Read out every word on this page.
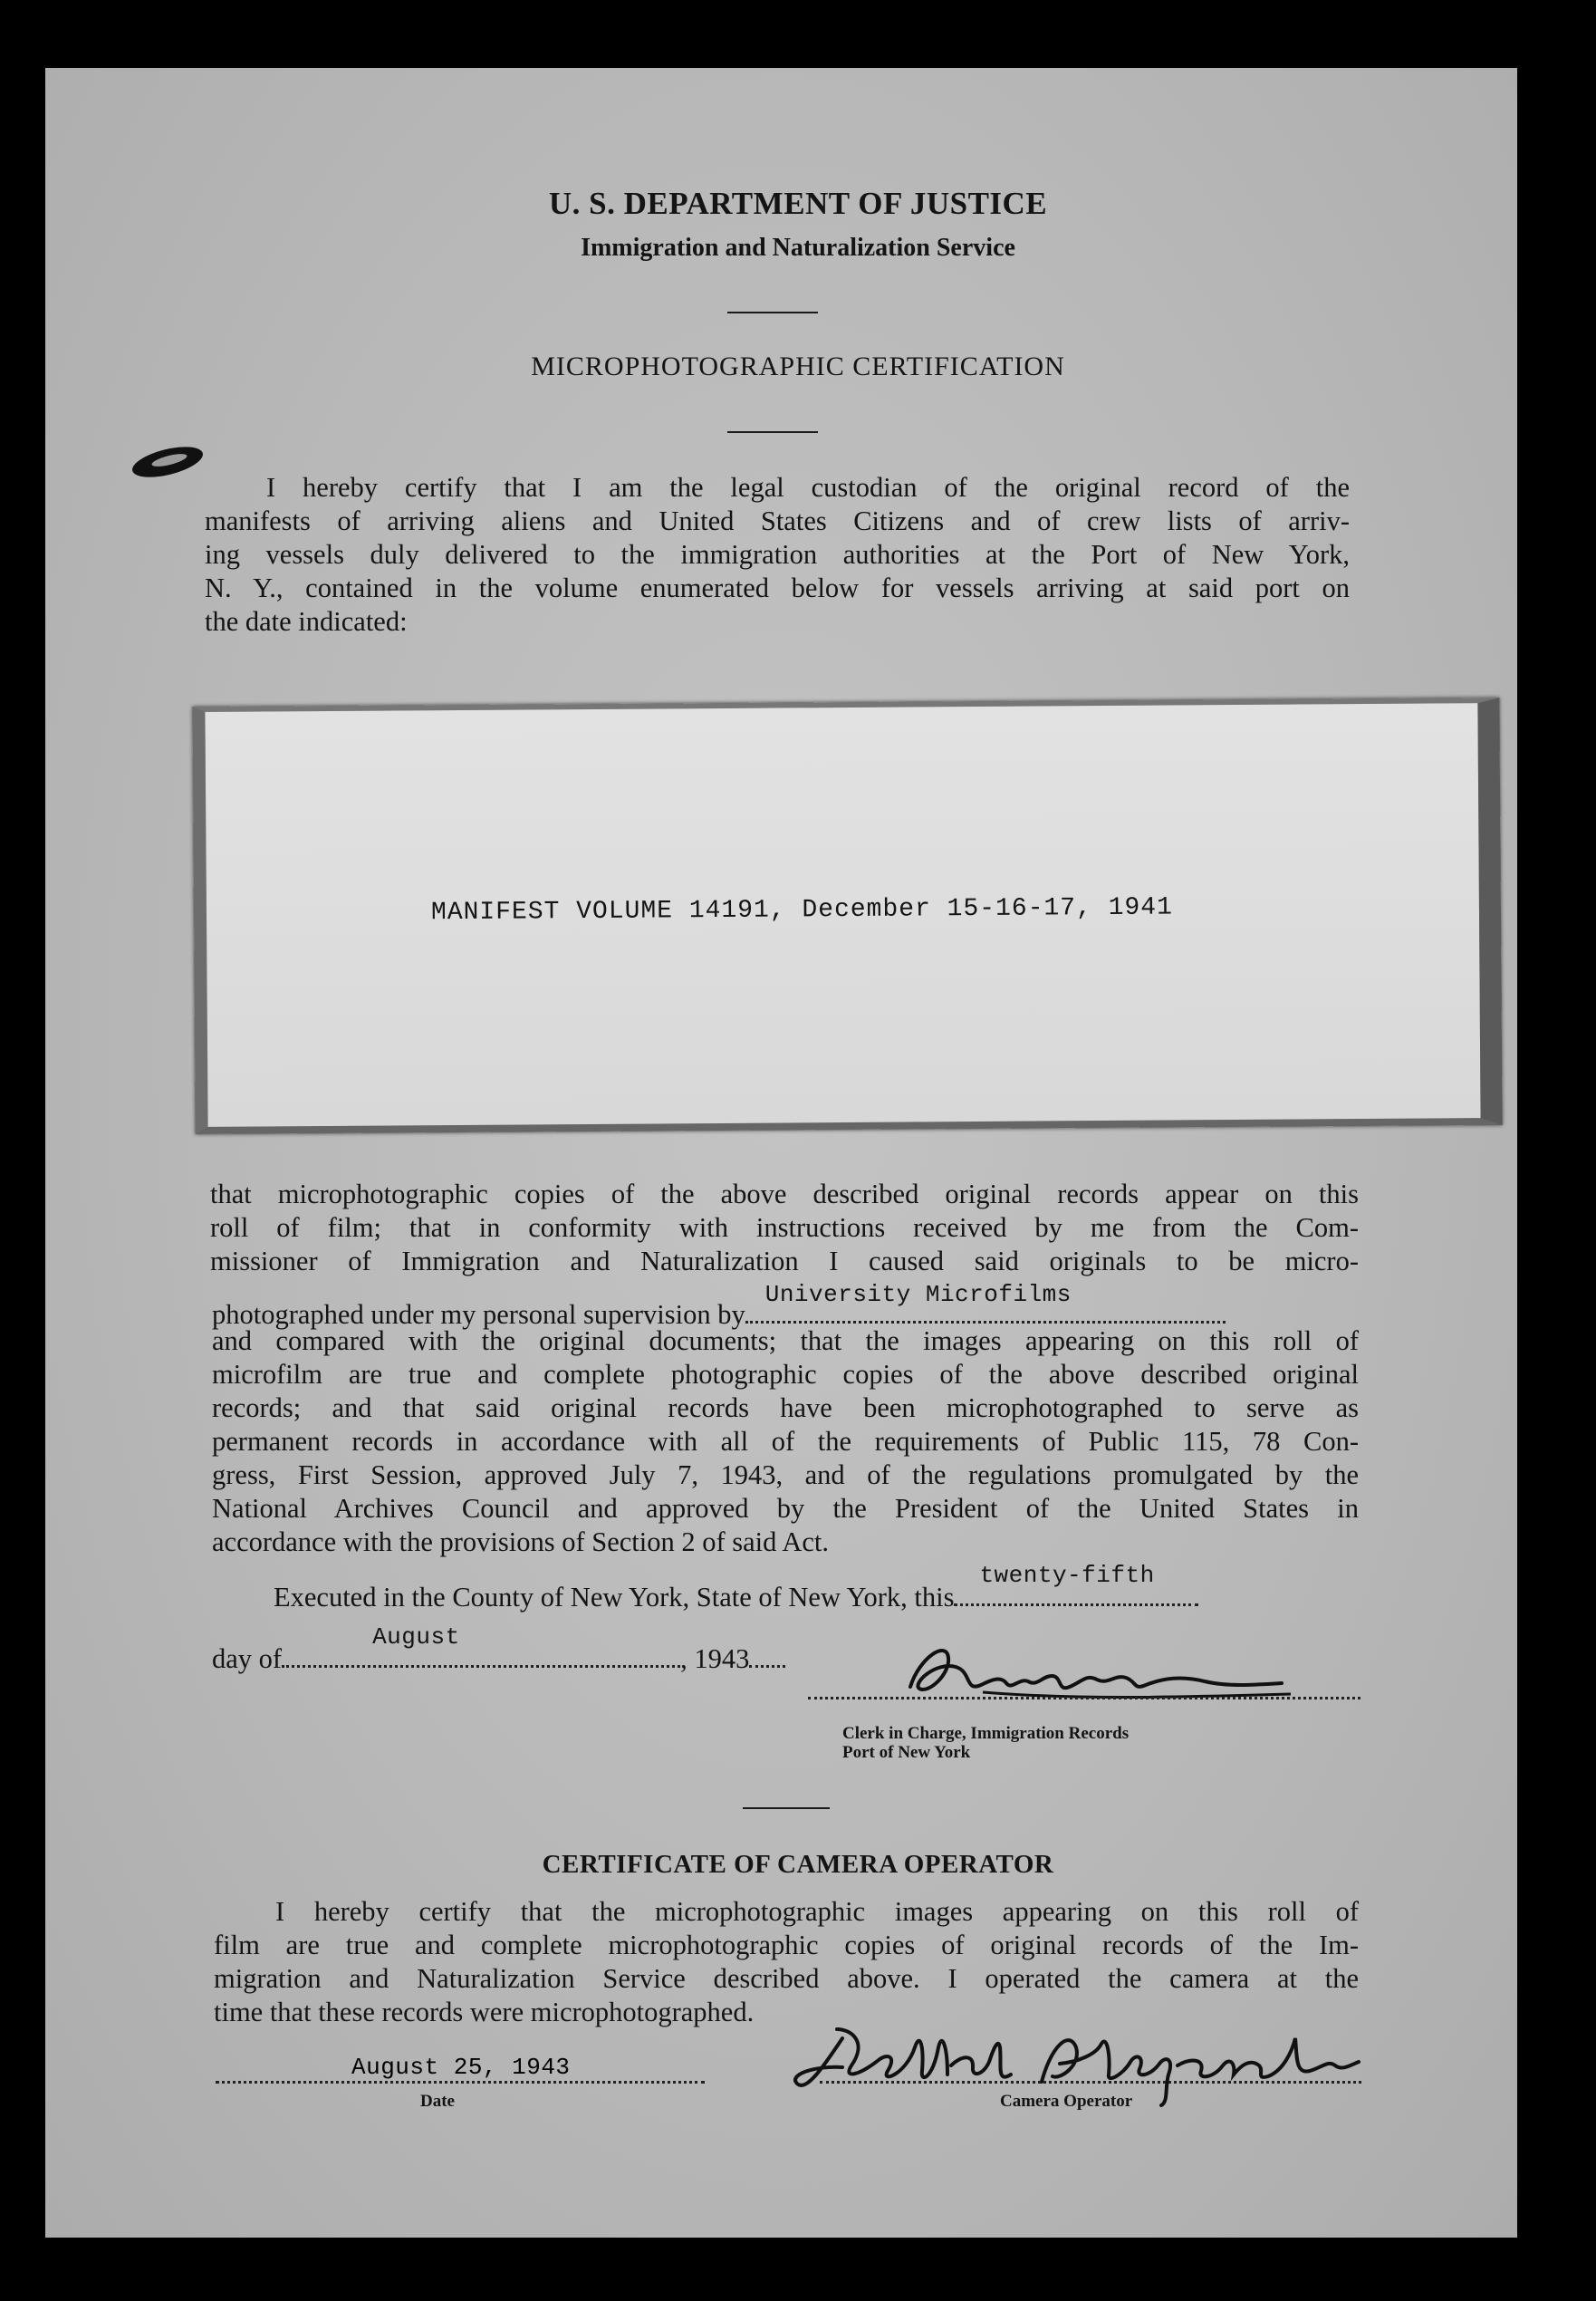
U. S. DEPARTMENT OF JUSTICE
Immigration and Naturalization Service
MICROPHOTOGRAPHIC CERTIFICATION
I hereby certify that I am the legal custodian of the original record of the
manifests of arriving aliens and United States Citizens and of crew lists of arriv-
ing vessels duly delivered to the immigration authorities at the Port of New York,
N. Y., contained in the volume enumerated below for vessels arriving at said port on
the date indicated:
MANIFEST VOLUME 14191, December 15-16-17, 1941
that microphotographic copies of the above described original records appear on this
roll of film; that in conformity with instructions received by me from the Com-
missioner of Immigration and Naturalization I caused said originals to be micro-
photographed under my personal supervision by
University Microfilms
and compared with the original documents; that the images appearing on this roll of
microfilm are true and complete photographic copies of the above described original
records; and that said original records have been microphotographed to serve as
permanent records in accordance with all of the requirements of Public 115, 78 Con-
gress, First Session, approved July 7, 1943, and of the regulations promulgated by the
National Archives Council and approved by the President of the United States in
accordance with the provisions of Section 2 of said Act.
Executed in the County of New York, State of New York, this
twenty-fifth
day of
August
, 1943
Clerk in Charge, Immigration Records
Port of New York
CERTIFICATE OF CAMERA OPERATOR
I hereby certify that the microphotographic images appearing on this roll of
film are true and complete microphotographic copies of original records of the Im-
migration and Naturalization Service described above. I operated the camera at the
time that these records were microphotographed.
August 25, 1943
Date	Camera Operator
